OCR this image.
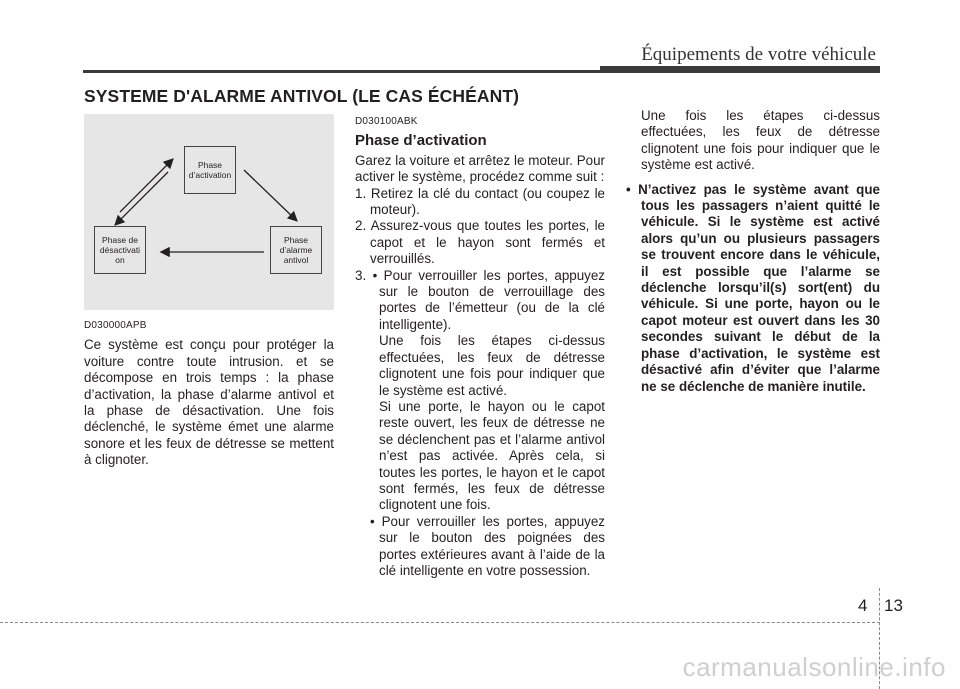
Équipements de votre véhicule
SYSTEME D'ALARME ANTIVOL (LE CAS ÉCHÉANT)
Phase
d’activation
Phase de
désactivati
on
Phase
d’alarme
antivol
D030000APB

Ce système est conçu pour protéger la voiture contre toute intrusion. et se décompose en trois temps : la phase d’activation, la phase d’alarme antivol et la phase de désactivation. Une fois déclenché, le système émet une alarme sonore et les feux de détresse se mettent à clignoter.

D030100ABK
Phase d’activation

Garez la voiture et arrêtez le moteur. Pour activer le système, procédez comme suit :

1. Retirez la clé du contact (ou coupez le moteur).

2. Assurez-vous que toutes les portes, le capot et le hayon sont fermés et verrouillés.

3. • Pour verrouiller les portes, appuyez sur le bouton de verrouillage des portes de l’émetteur (ou de la clé intelligente).

Une fois les étapes ci-dessus effectuées, les feux de détresse clignotent une fois pour indiquer que le système est activé.

Si une porte, le hayon ou le capot reste ouvert, les feux de détresse ne se déclenchent pas et l’alarme antivol n’est pas activée. Après cela, si toutes les portes, le hayon et le capot sont fermés, les feux de détresse clignotent une fois.

• Pour verrouiller les portes, appuyez sur le bouton des poignées des portes extérieures avant à l’aide de la clé intelligente en votre possession.

Une fois les étapes ci-dessus effectuées, les feux de détresse clignotent une fois pour indiquer que le système est activé.

• N’activez pas le système avant que tous les passagers n’aient quitté le véhicule. Si le système est activé alors qu’un ou plusieurs passagers se trouvent encore dans le véhicule, il est possible que l’alarme se déclenche lorsqu’il(s) sort(ent) du véhicule. Si une porte, hayon ou le capot moteur est ouvert dans les 30 secondes suivant le début de la phase d’activation, le système est désactivé afin d’éviter que l’alarme ne se déclenche de manière inutile.

4 13
carmanualsonline.info
